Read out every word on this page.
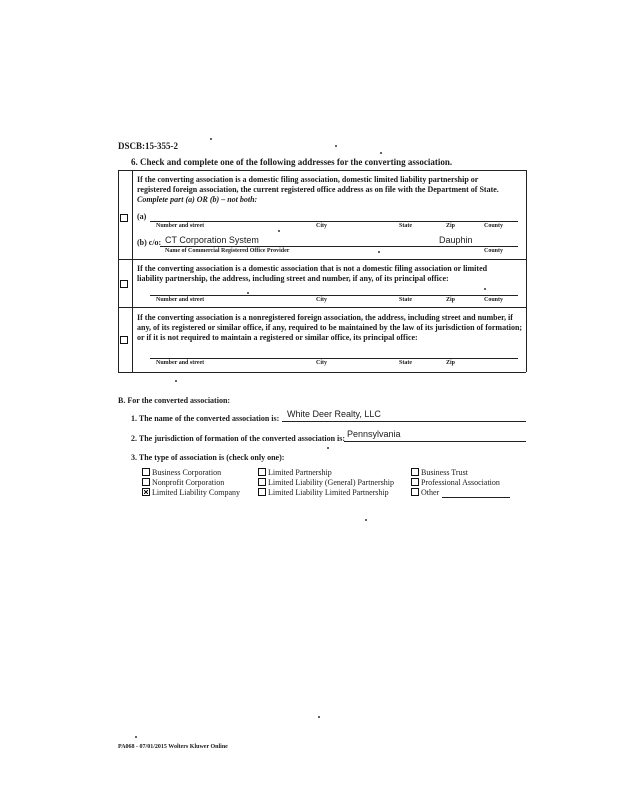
DSCB:15-355-2
6. Check and complete one of the following addresses for the converting association.
If the converting association is a domestic filing association, domestic limited liability partnership or
registered foreign association, the current registered office address as on file with the Department of State.
Complete part (a) OR (b) – not both:
(a)
Number and street	City	State	Zip	County
(b) c/o: CT Corporation System	Dauphin
Name of Commercial Registered Office Provider	County
If the converting association is a domestic association that is not a domestic filing association or limited
liability partnership, the address, including street and number, if any, of its principal office:
Number and street	City	State	Zip	County
If the converting association is a nonregistered foreign association, the address, including street and number, if
any, of its registered or similar office, if any, required to be maintained by the law of its jurisdiction of formation;
or if it is not required to maintain a registered or similar office, its principal office:
Number and street	City	State	Zip
B. For the converted association:
1. The name of the converted association is: White Deer Realty, LLC
2. The jurisdiction of formation of the converted association is: Pennsylvania
3. The type of association is (check only one):
Business Corporation
Nonprofit Corporation
Limited Liability Company
Limited Partnership
Limited Liability (General) Partnership
Limited Liability Limited Partnership
Business Trust
Professional Association
Other
PA068 - 07/01/2015 Wolters Kluwer Online
